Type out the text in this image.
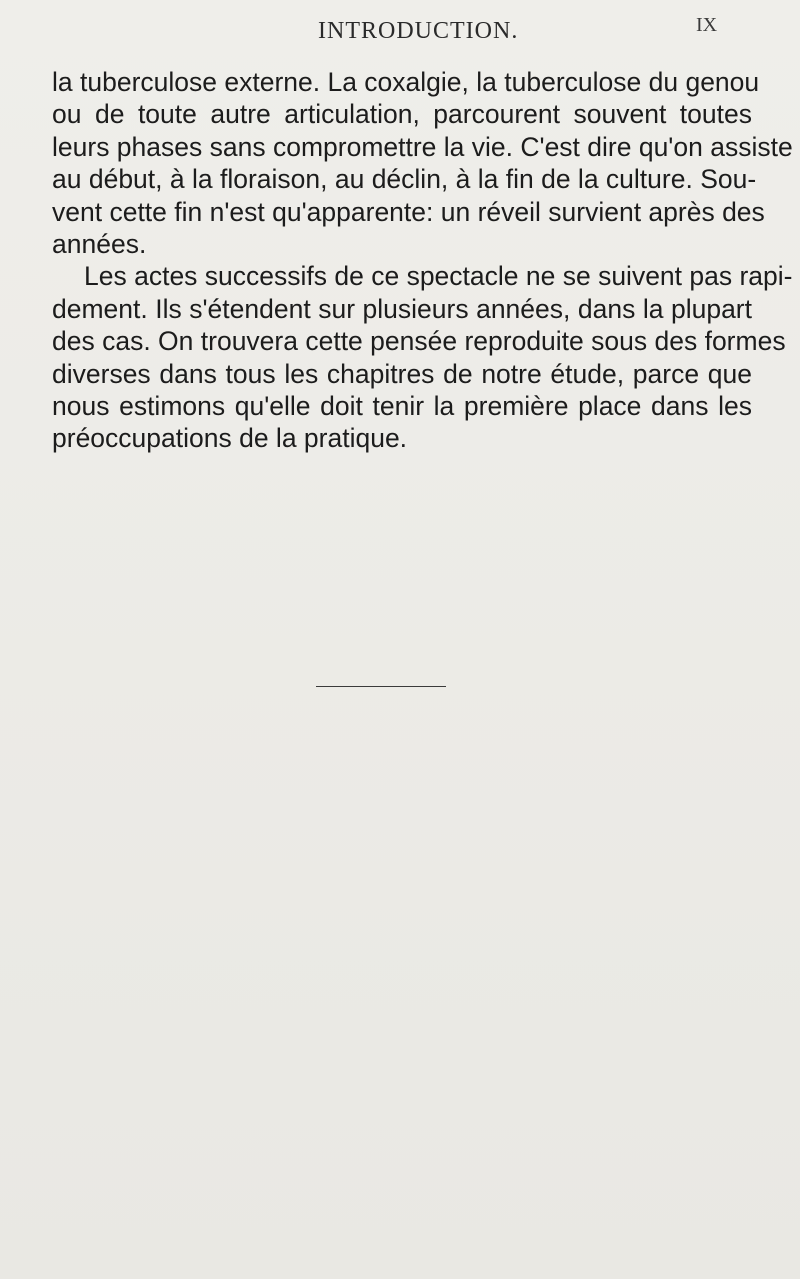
INTRODUCTION.	IX
la tuberculose externe. La coxalgie, la tuberculose du genou
ou de toute autre articulation, parcourent souvent toutes
leurs phases sans compromettre la vie. C'est dire qu'on assiste
au début, à la floraison, au déclin, à la fin de la culture. Sou-
vent cette fin n'est qu'apparente: un réveil survient après des
années.
Les actes successifs de ce spectacle ne se suivent pas rapi-
dement. Ils s'étendent sur plusieurs années, dans la plupart
des cas. On trouvera cette pensée reproduite sous des formes
diverses dans tous les chapitres de notre étude, parce que
nous estimons qu'elle doit tenir la première place dans les
préoccupations de la pratique.
